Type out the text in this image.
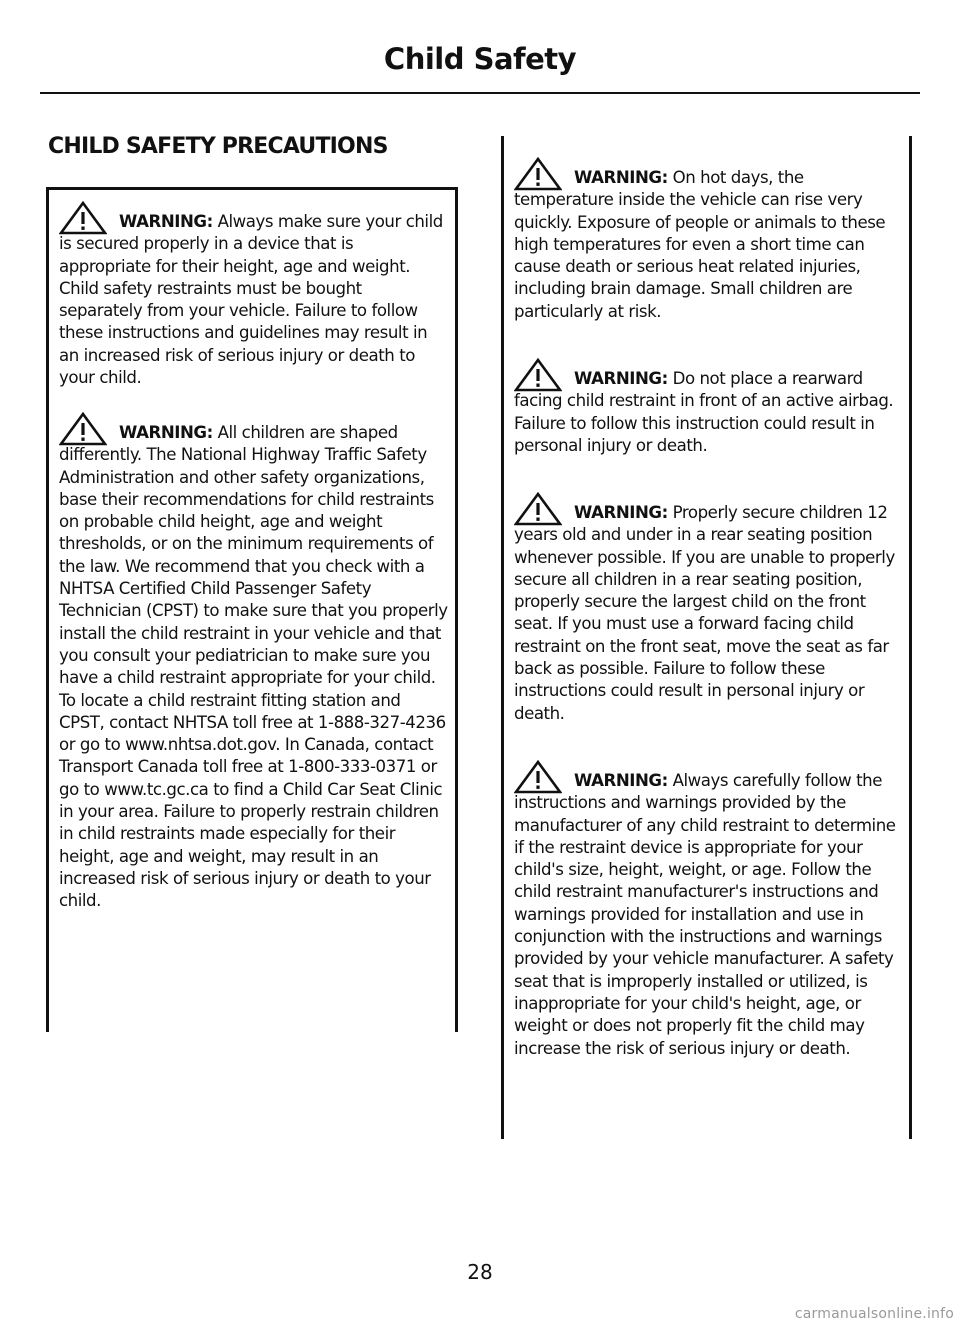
Child Safety
CHILD SAFETY PRECAUTIONS

WARNING: Always make sure your child is secured properly in a device that is appropriate for their height, age and weight. Child safety restraints must be bought separately from your vehicle. Failure to follow these instructions and guidelines may result in an increased risk of serious injury or death to your child.

WARNING: All children are shaped differently. The National Highway Traffic Safety Administration and other safety organizations, base their recommendations for child restraints on probable child height, age and weight thresholds, or on the minimum requirements of the law. We recommend that you check with a NHTSA Certified Child Passenger Safety Technician (CPST) to make sure that you properly install the child restraint in your vehicle and that you consult your pediatrician to make sure you have a child restraint appropriate for your child. To locate a child restraint fitting station and CPST, contact NHTSA toll free at 1-888-327-4236 or go to www.nhtsa.dot.gov. In Canada, contact Transport Canada toll free at 1-800-333-0371 or go to www.tc.gc.ca to find a Child Car Seat Clinic in your area. Failure to properly restrain children in child restraints made especially for their height, age and weight, may result in an increased risk of serious injury or death to your child.

WARNING: On hot days, the temperature inside the vehicle can rise very quickly. Exposure of people or animals to these high temperatures for even a short time can cause death or serious heat related injuries, including brain damage. Small children are particularly at risk.

WARNING: Do not place a rearward facing child restraint in front of an active airbag. Failure to follow this instruction could result in personal injury or death.

WARNING: Properly secure children 12 years old and under in a rear seating position whenever possible. If you are unable to properly secure all children in a rear seating position, properly secure the largest child on the front seat. If you must use a forward facing child restraint on the front seat, move the seat as far back as possible. Failure to follow these instructions could result in personal injury or death.

WARNING: Always carefully follow the instructions and warnings provided by the manufacturer of any child restraint to determine if the restraint device is appropriate for your child's size, height, weight, or age. Follow the child restraint manufacturer's instructions and warnings provided for installation and use in conjunction with the instructions and warnings provided by your vehicle manufacturer. A safety seat that is improperly installed or utilized, is inappropriate for your child's height, age, or weight or does not properly fit the child may increase the risk of serious injury or death.

28
carmanualsonline.info
